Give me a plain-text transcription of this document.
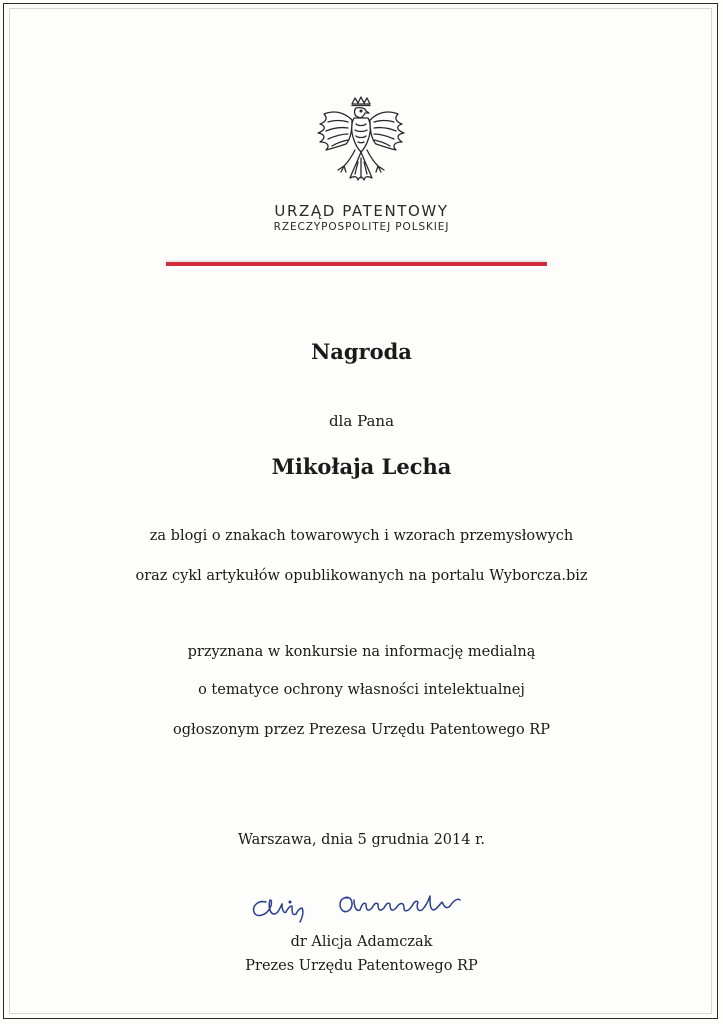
URZĄD PATENTOWY
RZECZYPOSPOLITEJ POLSKIEJ
Nagroda
dla Pana
Mikołaja Lecha
za blogi o znakach towarowych i wzorach przemysłowych
oraz cykl artykułów opublikowanych na portalu Wyborcza.biz
przyznana w konkursie na informację medialną
o tematyce ochrony własności intelektualnej
ogłoszonym przez Prezesa Urzędu Patentowego RP
Warszawa, dnia 5 grudnia 2014 r.
dr Alicja Adamczak
Prezes Urzędu Patentowego RP
